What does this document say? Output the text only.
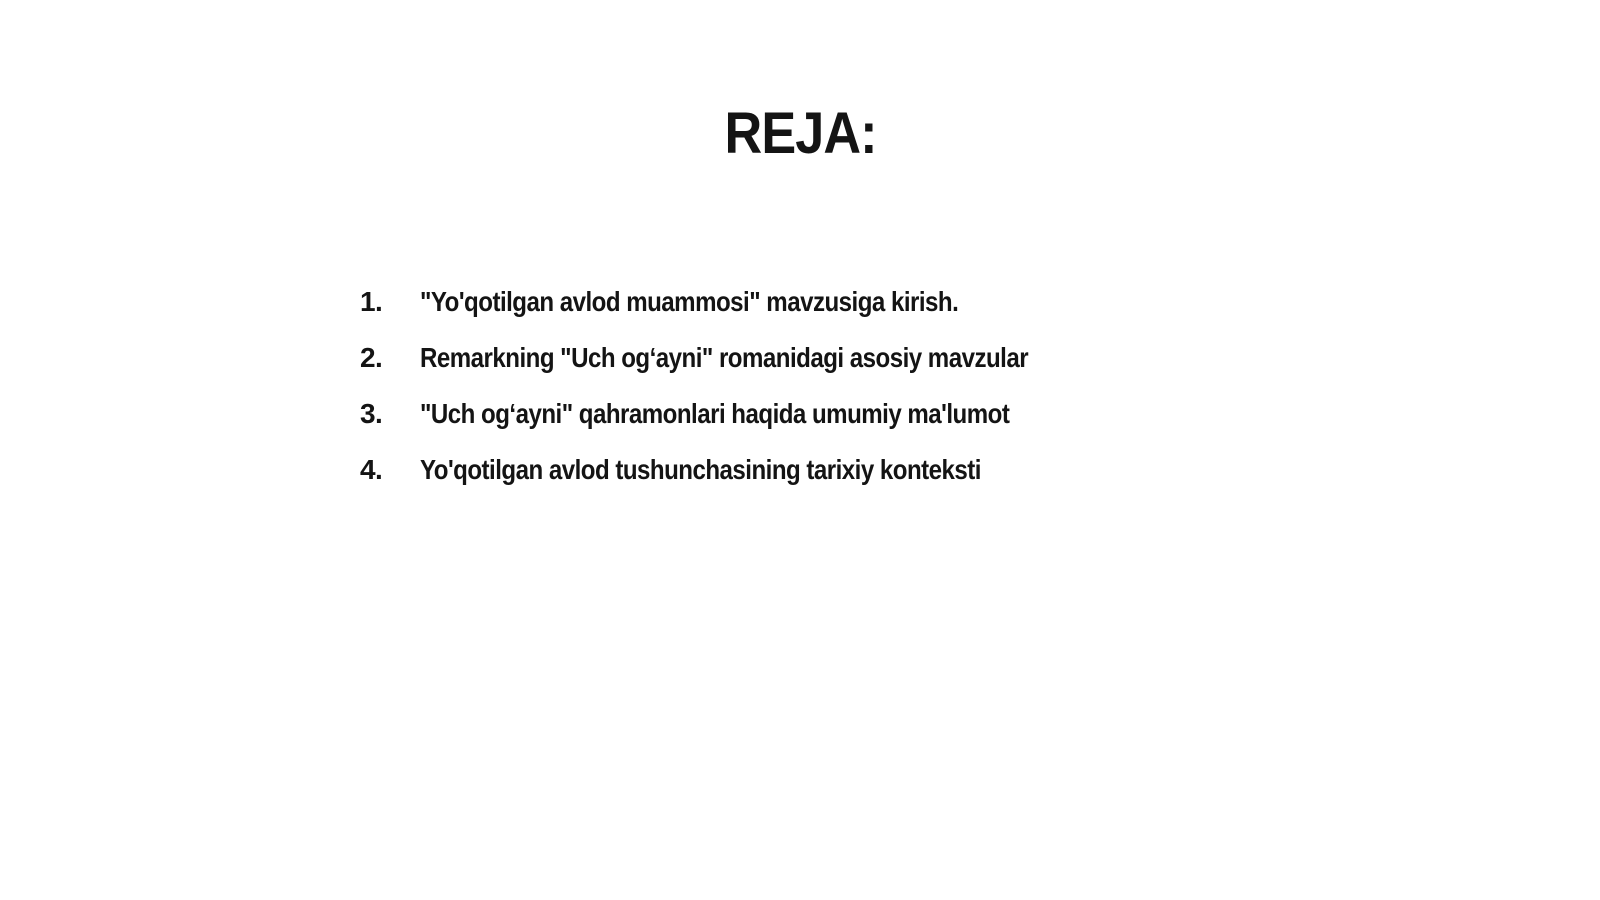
REJA:
1.	"Yo'qotilgan avlod muammosi" mavzusiga kirish.
2.	Remarkning "Uch og‘ayni" romanidagi asosiy mavzular
3.	"Uch og‘ayni" qahramonlari haqida umumiy ma'lumot
4.	Yo'qotilgan avlod tushunchasining tarixiy konteksti
